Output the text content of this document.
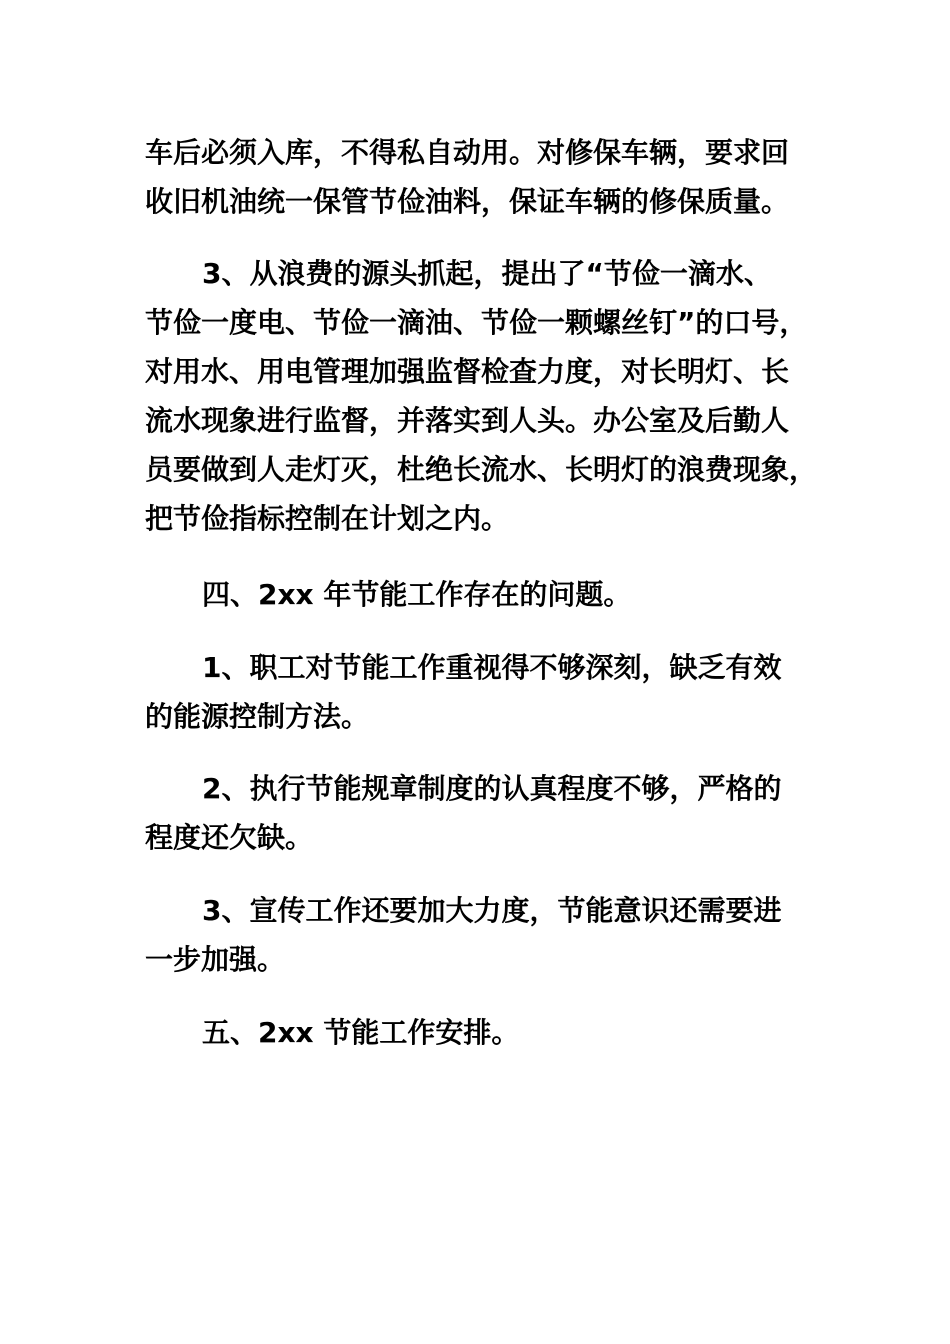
车后必须入库，不得私自动用。对修保车辆，要求回
收旧机油统一保管节俭油料，保证车辆的修保质量。
3、从浪费的源头抓起，提出了“节俭一滴水、
节俭一度电、节俭一滴油、节俭一颗螺丝钉”的口号，
对用水、用电管理加强监督检查力度，对长明灯、长
流水现象进行监督，并落实到人头。办公室及后勤人
员要做到人走灯灭，杜绝长流水、长明灯的浪费现象，
把节俭指标控制在计划之内。
四、2xx 年节能工作存在的问题。
1、职工对节能工作重视得不够深刻，缺乏有效
的能源控制方法。
2、执行节能规章制度的认真程度不够，严格的
程度还欠缺。
3、宣传工作还要加大力度，节能意识还需要进
一步加强。
五、2xx 节能工作安排。
